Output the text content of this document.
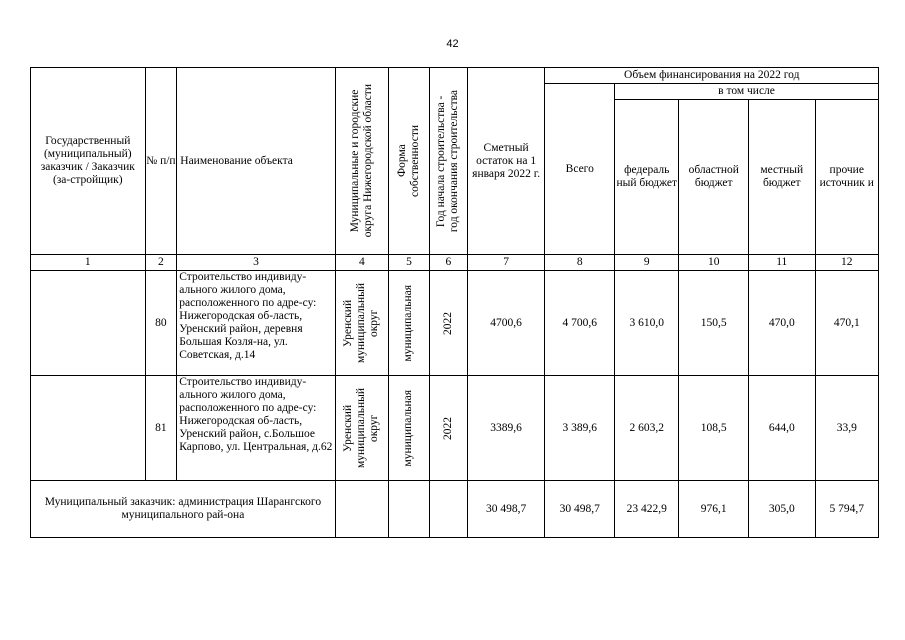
42
Государственный (муниципальный) заказчик / Заказчик (за-стройщик)	№ п/п	Наименование объекта	Муниципальные и городские
округа Нижегородской области	Форма
собственности	Год начала строительства -
год окончания строительства	Сметный остаток на 1 января 2022 г.	Объем финансирования на 2022 год				
							Всего	в том числе			
								федераль ный бюджет	областной бюджет	местный бюджет	прочие источник и
1	2	3	4	5	6	7	8	9	10	11	12
	80	Строительство индивиду-ального жилого дома, расположенного по адре-су: Нижегородская об-ласть, Уренский район, деревня Большая Козля-на, ул. Советская, д.14	Уренский
муниципальный
округ	муниципальная	2022	4700,6	4 700,6	3 610,0	150,5	470,0	470,1
	81	Строительство индивиду-ального жилого дома, расположенного по адре-су: Нижегородская об-ласть, Уренский район, с.Большое Карпово, ул. Центральная, д.62	Уренский
муниципальный
округ	муниципальная	2022	3389,6	3 389,6	2 603,2	108,5	644,0	33,9
Муниципальный заказчик: администрация Шарангского муниципального рай-она						30 498,7	30 498,7	23 422,9	976,1	305,0	5 794,7
